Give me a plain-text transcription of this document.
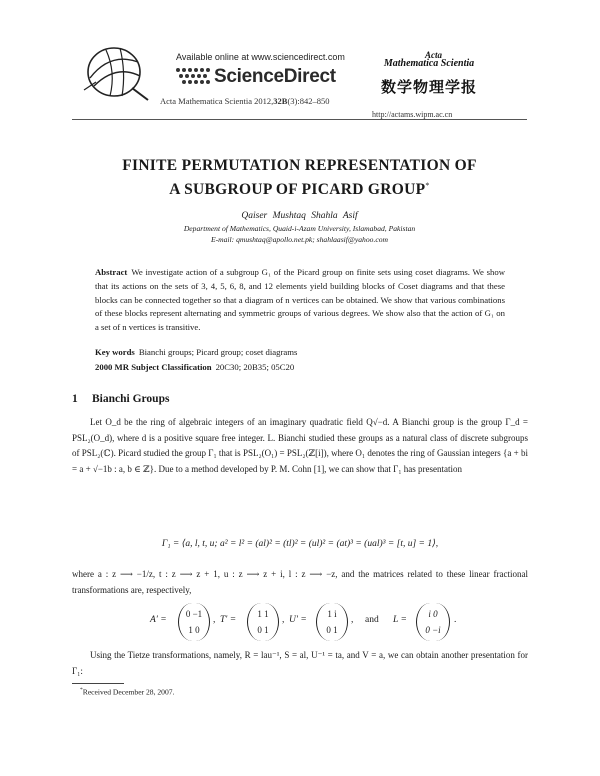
Available online at www.sciencedirect.com
ScienceDirect
Acta Mathematica Scientia 2012,32B(3):842–850
Acta
Mathematica Scientia
数学物理学报
http://actams.wipm.ac.cn
FINITE PERMUTATION REPRESENTATION OF
A SUBGROUP OF PICARD GROUP*
Qaiser Mushtaq Shahla Asif
Department of Mathematics, Quaid-i-Azam University, Islamabad, Pakistan
E-mail: qmushtaq@apollo.net.pk; shahlaasif@yahoo.com
Abstract We investigate action of a subgroup G₁ of the Picard group on finite sets using coset diagrams. We show that its actions on the sets of 3, 4, 5, 6, 8, and 12 elements yield building blocks of Coset diagrams and that these blocks can be connected together so that a diagram of n vertices can be obtained. We show that various combinations of these blocks represent alternating and symmetric groups of various degrees. We show also that the action of G₁ on a set of n vertices is transitive.
Key words Bianchi groups; Picard group; coset diagrams
2000 MR Subject Classification 20C30; 20B35; 05C20
1 Bianchi Groups
Let O_d be the ring of algebraic integers of an imaginary quadratic field Q√−d. A Bianchi group is the group Γ_d = PSL₂(O_d), where d is a positive square free integer. L. Bianchi studied these groups as a natural class of discrete subgroups of PSL₂(ℂ). Picard studied the group Γ₁ that is PSL₂(O₁) = PSL₂(ℤ[i]), where O₁ denotes the ring of Gaussian integers {a + bi = a + √−1b : a, b ∈ ℤ}. Due to a method developed by P. M. Cohn [1], we can show that Γ₁ has presentation
Γ₁ = ⟨a, l, t, u; a² = l² = (al)² = (tl)² = (ul)² = (at)³ = (ual)³ = [t, u] = 1⟩,
where a : z ⟶ −1/z, t : z ⟶ z + 1, u : z ⟶ z + i, l : z ⟶ −z, and the matrices related to these linear fractional transformations are, respectively,
A′ =
0 −1
1 0
, T′ =
1 1
0 1
, U′ =
1 i
0 1
, and L =
i 0
0 −i
.
Using the Tietze transformations, namely, R = lau⁻¹, S = al, U⁻¹ = ta, and V = a, we can obtain another presentation for Γ₁:
*Received December 28, 2007.
